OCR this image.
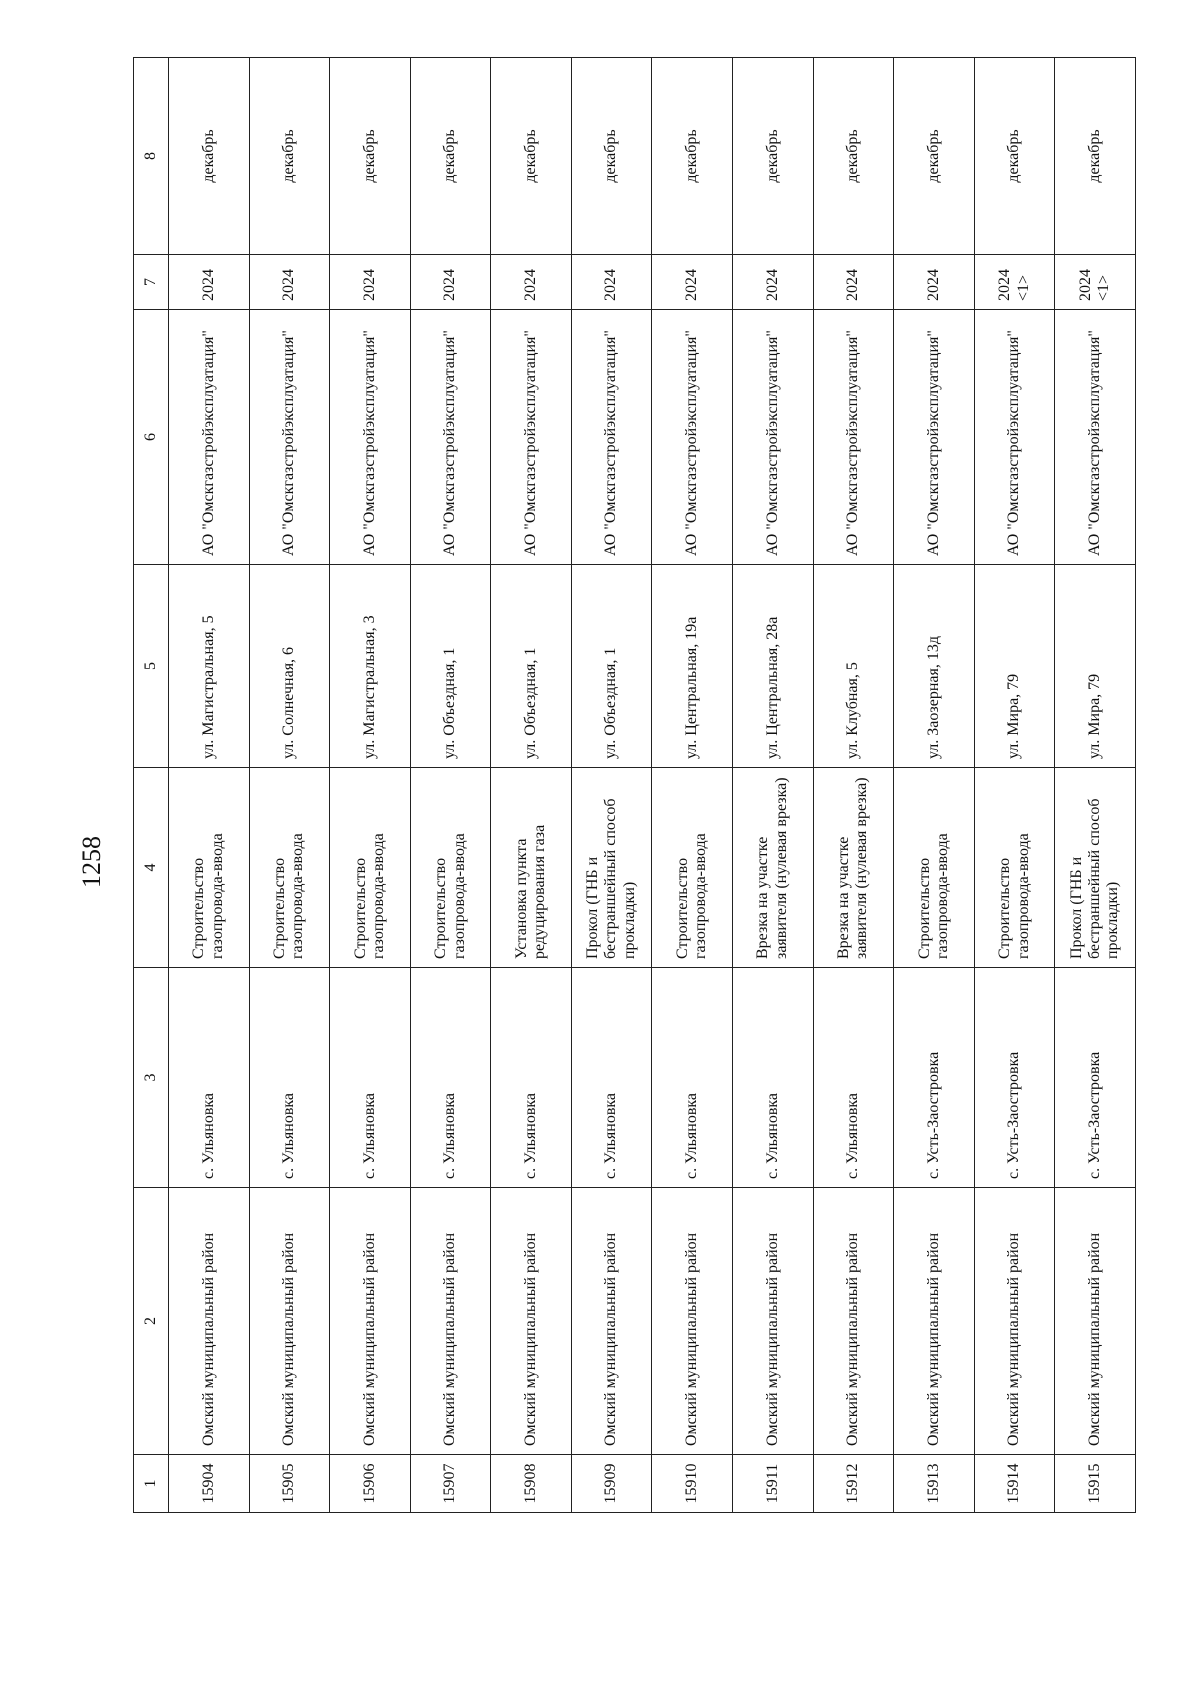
1258
1	2	3	4	5	6	7	8
15904	Омский муниципальный район	с. Ульяновка	Строительство газопровода-ввода	ул. Магистральная, 5	АО "Омскгазстройэксплуатация"	2024	декабрь
15905	Омский муниципальный район	с. Ульяновка	Строительство газопровода-ввода	ул. Солнечная, 6	АО "Омскгазстройэксплуатация"	2024	декабрь
15906	Омский муниципальный район	с. Ульяновка	Строительство газопровода-ввода	ул. Магистральная, 3	АО "Омскгазстройэксплуатация"	2024	декабрь
15907	Омский муниципальный район	с. Ульяновка	Строительство газопровода-ввода	ул. Объездная, 1	АО "Омскгазстройэксплуатация"	2024	декабрь
15908	Омский муниципальный район	с. Ульяновка	Установка пункта редуцирования газа	ул. Объездная, 1	АО "Омскгазстройэксплуатация"	2024	декабрь
15909	Омский муниципальный район	с. Ульяновка	Прокол (ГНБ и бестраншейный способ прокладки)	ул. Объездная, 1	АО "Омскгазстройэксплуатация"	2024	декабрь
15910	Омский муниципальный район	с. Ульяновка	Строительство газопровода-ввода	ул. Центральная, 19а	АО "Омскгазстройэксплуатация"	2024	декабрь
15911	Омский муниципальный район	с. Ульяновка	Врезка на участке заявителя (нулевая врезка)	ул. Центральная, 28а	АО "Омскгазстройэксплуатация"	2024	декабрь
15912	Омский муниципальный район	с. Ульяновка	Врезка на участке заявителя (нулевая врезка)	ул. Клубная, 5	АО "Омскгазстройэксплуатация"	2024	декабрь
15913	Омский муниципальный район	с. Усть-Заостровка	Строительство газопровода-ввода	ул. Заозерная, 13д	АО "Омскгазстройэксплуатация"	2024	декабрь
15914	Омский муниципальный район	с. Усть-Заостровка	Строительство газопровода-ввода	ул. Мира, 79	АО "Омскгазстройэксплуатация"	2024 <1>	декабрь
15915	Омский муниципальный район	с. Усть-Заостровка	Прокол (ГНБ и бестраншейный способ прокладки)	ул. Мира, 79	АО "Омскгазстройэксплуатация"	2024 <1>	декабрь
